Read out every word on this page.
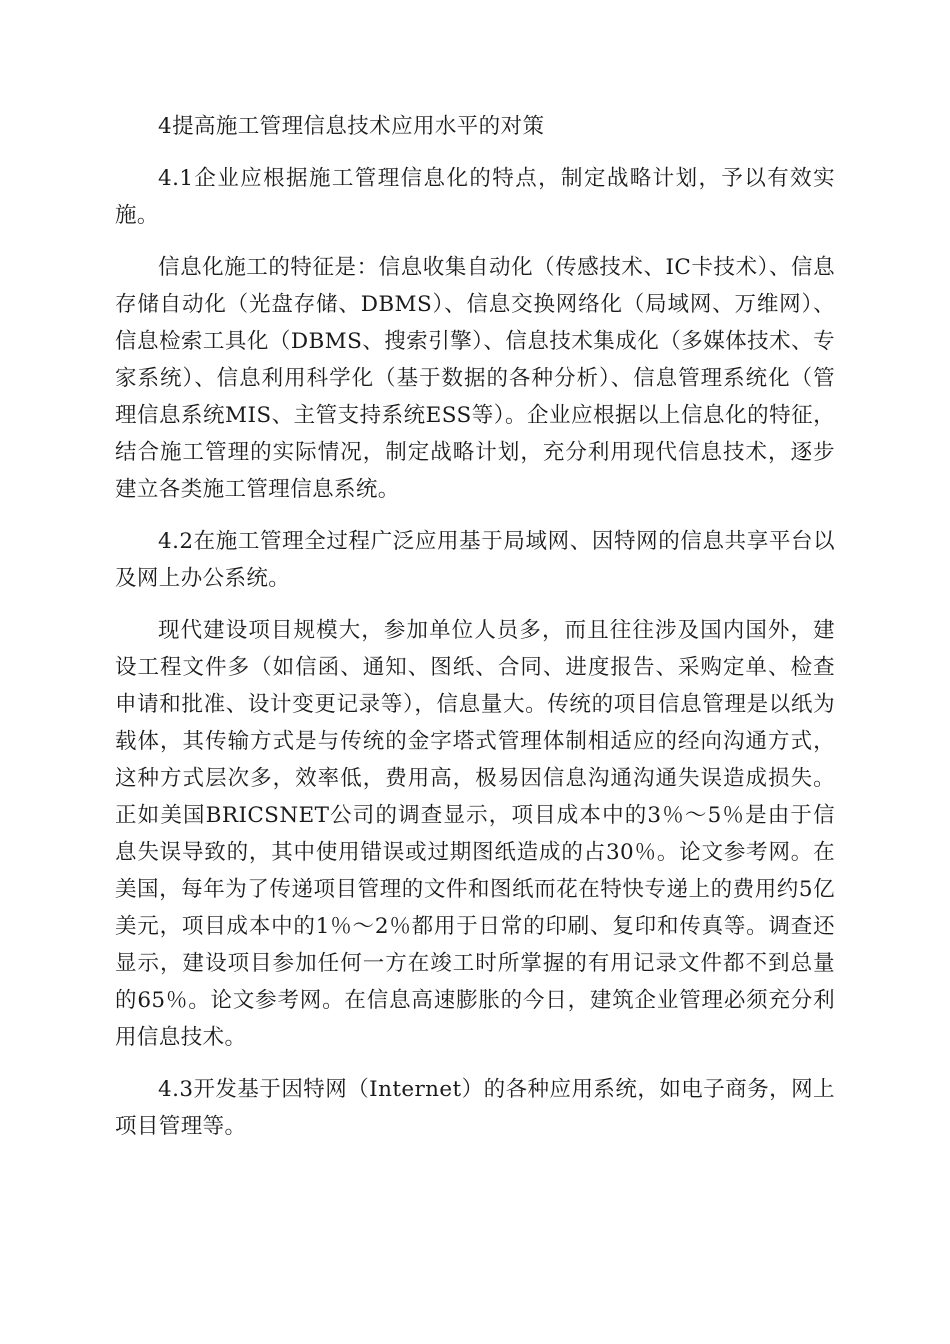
4提高施工管理信息技术应用水平的对策

4.1企业应根据施工管理信息化的特点，制定战略计划，予以有效实施。

信息化施工的特征是：信息收集自动化（传感技术、IC卡技术）、信息存储自动化（光盘存储、DBMS）、信息交换网络化（局域网、万维网）、信息检索工具化（DBMS、搜索引擎）、信息技术集成化（多媒体技术、专家系统）、信息利用科学化（基于数据的各种分析）、信息管理系统化（管理信息系统MIS、主管支持系统ESS等）。企业应根据以上信息化的特征，结合施工管理的实际情况，制定战略计划，充分利用现代信息技术，逐步建立各类施工管理信息系统。

4.2在施工管理全过程广泛应用基于局域网、因特网的信息共享平台以及网上办公系统。

现代建设项目规模大，参加单位人员多，而且往往涉及国内国外，建设工程文件多（如信函、通知、图纸、合同、进度报告、采购定单、检查申请和批准、设计变更记录等），信息量大。传统的项目信息管理是以纸为载体，其传输方式是与传统的金字塔式管理体制相适应的经向沟通方式，这种方式层次多，效率低，费用高，极易因信息沟通沟通失误造成损失。正如美国BRICSNET公司的调查显示，项目成本中的3％～5％是由于信息失误导致的，其中使用错误或过期图纸造成的占30％。论文参考网。在美国，每年为了传递项目管理的文件和图纸而花在特快专递上的费用约5亿美元，项目成本中的1％～2％都用于日常的印刷、复印和传真等。调查还显示，建设项目参加任何一方在竣工时所掌握的有用记录文件都不到总量的65％。论文参考网。在信息高速膨胀的今日，建筑企业管理必须充分利用信息技术。

4.3开发基于因特网（Internet）的各种应用系统，如电子商务，网上项目管理等。
